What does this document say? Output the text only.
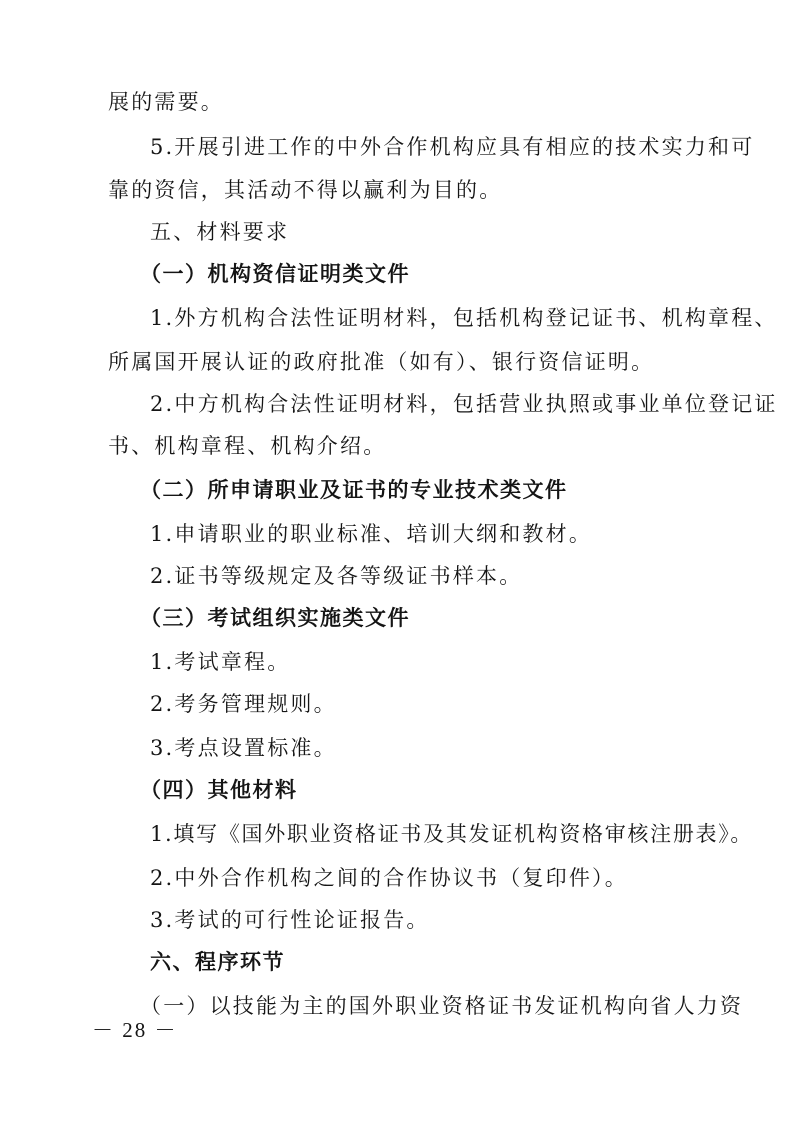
展的需要。
5.开展引进工作的中外合作机构应具有相应的技术实力和可
靠的资信，其活动不得以赢利为目的。
五、材料要求
（一）机构资信证明类文件
1.外方机构合法性证明材料，包括机构登记证书、机构章程、
所属国开展认证的政府批准（如有）、银行资信证明。
2.中方机构合法性证明材料，包括营业执照或事业单位登记证
书、机构章程、机构介绍。
（二）所申请职业及证书的专业技术类文件
1.申请职业的职业标准、培训大纲和教材。
2.证书等级规定及各等级证书样本。
（三）考试组织实施类文件
1.考试章程。
2.考务管理规则。
3.考点设置标准。
（四）其他材料
1.填写《国外职业资格证书及其发证机构资格审核注册表》。
2.中外合作机构之间的合作协议书（复印件）。
3.考试的可行性论证报告。
六、程序环节
（一）以技能为主的国外职业资格证书发证机构向省人力资
－ 28 －
